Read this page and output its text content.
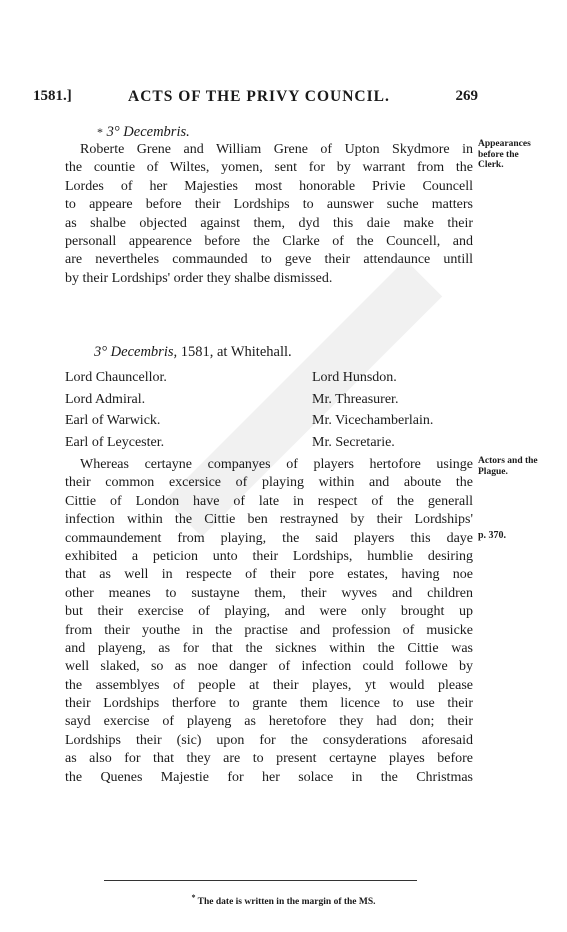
1581.]	ACTS OF THE PRIVY COUNCIL.	269
* 3° Decembris.
Roberte Grene and William Grene of Upton Skydmore in
the countie of Wiltes, yomen, sent for by warrant from the
Lordes of her Majesties most honorable Privie Councell
to appeare before their Lordships to aunswer suche matters
as shalbe objected against them, dyd this daie make their
personall appearence before the Clarke of the Councell, and
are nevertheles commaunded to geve their attendaunce untill
by their Lordships' order they shalbe dismissed.
Appearances
before the
Clerk.
3° Decembris, 1581, at Whitehall.
Lord Chauncellor.
Lord Admiral.
Earl of Warwick.
Earl of Leycester.
Lord Hunsdon.
Mr. Threasurer.
Mr. Vicechamberlain.
Mr. Secretarie.
Whereas certayne companyes of players hertofore usinge
their common excersice of playing within and aboute the
Cittie of London have of late in respect of the generall
infection within the Cittie ben restrayned by their Lordships'
commaundement from playing, the said players this daye
exhibited a peticion unto their Lordships, humblie desiring
that as well in respecte of their pore estates, having noe
other meanes to sustayne them, their wyves and children
but their exercise of playing, and were only brought up
from their youthe in the practise and profession of musicke
and playeng, as for that the sicknes within the Cittie was
well slaked, so as noe danger of infection could followe by
the assemblyes of people at their playes, yt would please
their Lordships therfore to grante them licence to use their
sayd exercise of playeng as heretofore they had don; their
Lordships their (sic) upon for the consyderations aforesaid
as also for that they are to present certayne playes before
the Quenes Majestie for her solace in the Christmas
Actors and the
Plague.
p. 370.
* The date is written in the margin of the MS.
